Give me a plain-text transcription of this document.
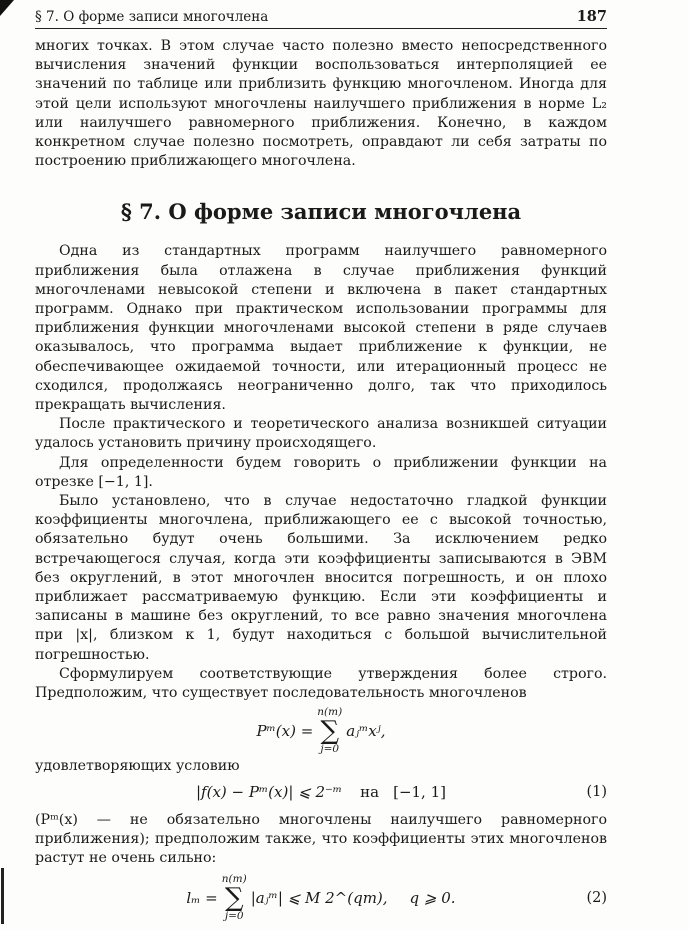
§ 7. О форме записи многочлена	187

многих точках. В этом случае часто полезно вместо непосредственного вычисления значений функции воспользоваться интерполяцией ее значений по таблице или приблизить функцию многочленом. Иногда для этой цели используют многочлены наилучшего приближения в норме L₂ или наилучшего равномерного приближения. Конечно, в каждом конкретном случае полезно посмотреть, оправдают ли себя затраты по построению приближающего многочлена.

§ 7. О форме записи многочлена

Одна из стандартных программ наилучшего равномерного приближения была отлажена в случае приближения функций многочленами невысокой степени и включена в пакет стандартных программ. Однако при практическом использовании программы для приближения функции многочленами высокой степени в ряде случаев оказывалось, что программа выдает приближение к функции, не обеспечивающее ожидаемой точности, или итерационный процесс не сходился, продолжаясь неограниченно долго, так что приходилось прекращать вычисления.

После практического и теоретического анализа возникшей ситуации удалось установить причину происходящего.

Для определенности будем говорить о приближении функции на отрезке [−1, 1].

Было установлено, что в случае недостаточно гладкой функции коэффициенты многочлена, приближающего ее с высокой точностью, обязательно будут очень большими. За исключением редко встречающегося случая, когда эти коэффициенты записываются в ЭВМ без округлений, в этот многочлен вносится погрешность, и он плохо приближает рассматриваемую функцию. Если эти коэффициенты и записаны в машине без округлений, то все равно значения многочлена при |x|, близком к 1, будут находиться с большой вычислительной погрешностью.

Сформулируем соответствующие утверждения более строго. Предположим, что существует последовательность многочленов

Pᵐ(x) =
n(m)
∑
j=0
aⱼᵐxʲ,

удовлетворяющих условию

|f(x) − Pᵐ(x)| ⩽ 2⁻ᵐ на [−1, 1]	(1)

(Pᵐ(x) — не обязательно многочлены наилучшего равномерного приближения); предположим также, что коэффициенты этих многочленов растут не очень сильно:

lₘ =
n(m)
∑
j=0
|aⱼᵐ| ⩽ M 2^(qm), q ⩾ 0.	(2)
